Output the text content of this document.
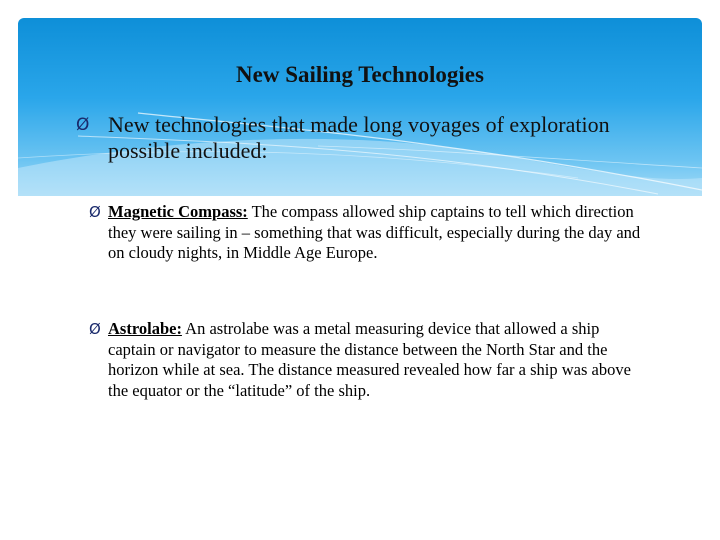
New Sailing Technologies
Ø New technologies that made long voyages of exploration possible included:
Ø Magnetic Compass: The compass allowed ship captains to tell which direction they were sailing in – something that was difficult, especially during the day and on cloudy nights, in Middle Age Europe.
Ø Astrolabe: An astrolabe was a metal measuring device that allowed a ship captain or navigator to measure the distance between the North Star and the horizon while at sea. The distance measured revealed how far a ship was above the equator or the “latitude” of the ship.
